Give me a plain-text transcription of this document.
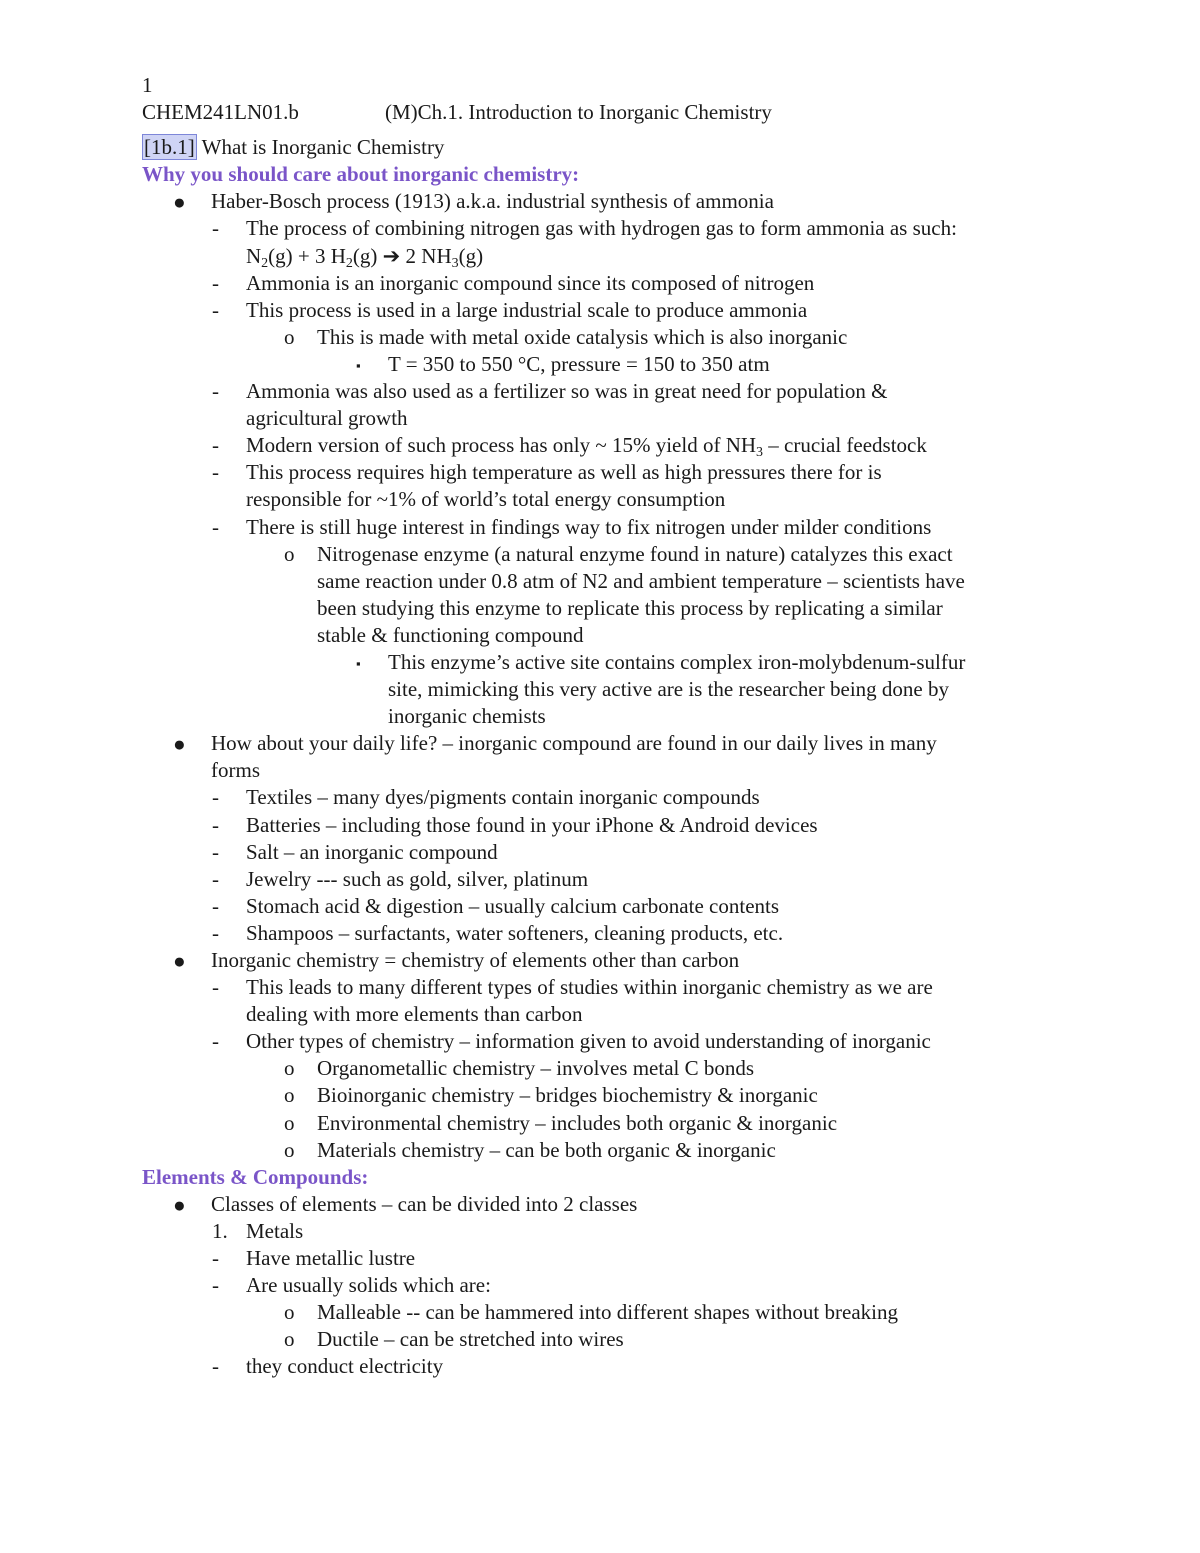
1
CHEM241LN01.b	(M)Ch.1. Introduction to Inorganic Chemistry
[1b.1] What is Inorganic Chemistry
Why you should care about inorganic chemistry:
● Haber-Bosch process (1913) a.k.a. industrial synthesis of ammonia
- The process of combining nitrogen gas with hydrogen gas to form ammonia as such:
$N_2(g) + 3$ $H_2(g)$ ➔ 2 $NH_3(g)$
- Ammonia is an inorganic compound since its composed of nitrogen
- This process is used in a large industrial scale to produce ammonia
o This is made with metal oxide catalysis which is also inorganic
▪ T = 350 to 550 °C, pressure = 150 to 350 atm
- Ammonia was also used as a fertilizer so was in great need for population &
agricultural growth
- Modern version of such process has only ~ 15% yield of $NH_3$ – crucial feedstock
- This process requires high temperature as well as high pressures there for is
responsible for ~1% of world’s total energy consumption
- There is still huge interest in findings way to fix nitrogen under milder conditions
o Nitrogenase enzyme (a natural enzyme found in nature) catalyzes this exact
same reaction under 0.8 atm of N2 and ambient temperature – scientists have
been studying this enzyme to replicate this process by replicating a similar
stable & functioning compound
▪ This enzyme’s active site contains complex iron-molybdenum-sulfur
site, mimicking this very active are is the researcher being done by
inorganic chemists
● How about your daily life? – inorganic compound are found in our daily lives in many
forms
- Textiles – many dyes/pigments contain inorganic compounds
- Batteries – including those found in your iPhone & Android devices
- Salt – an inorganic compound
- Jewelry --- such as gold, silver, platinum
- Stomach acid & digestion – usually calcium carbonate contents
- Shampoos – surfactants, water softeners, cleaning products, etc.
● Inorganic chemistry = chemistry of elements other than carbon
- This leads to many different types of studies within inorganic chemistry as we are
dealing with more elements than carbon
- Other types of chemistry – information given to avoid understanding of inorganic
o Organometallic chemistry – involves metal C bonds
o Bioinorganic chemistry – bridges biochemistry & inorganic
o Environmental chemistry – includes both organic & inorganic
o Materials chemistry – can be both organic & inorganic
Elements & Compounds:
● Classes of elements – can be divided into 2 classes
1. Metals
- Have metallic lustre
- Are usually solids which are:
o Malleable -- can be hammered into different shapes without breaking
o Ductile – can be stretched into wires
- they conduct electricity
